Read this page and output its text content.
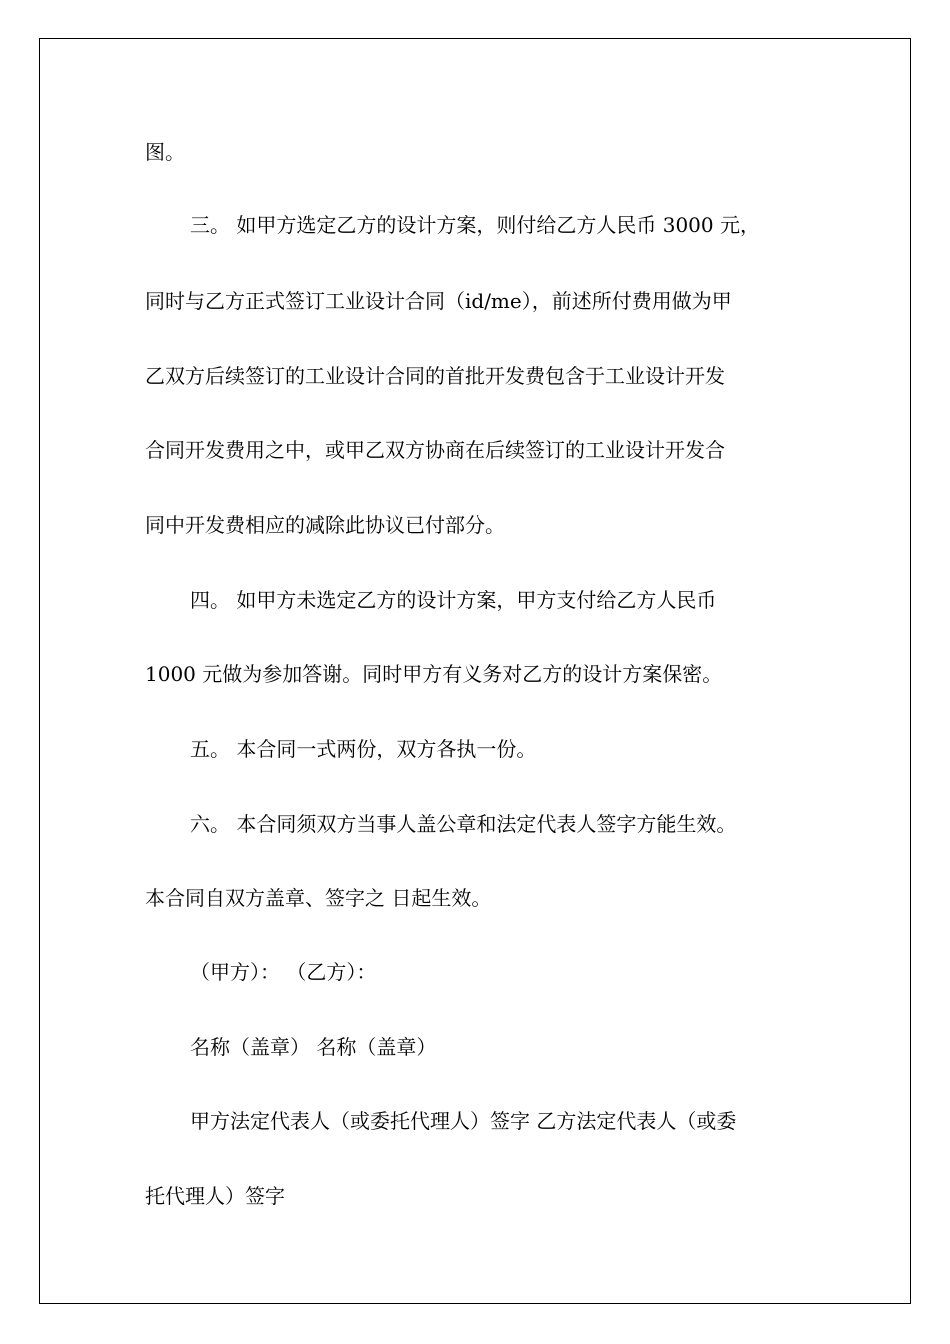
图。
三。 如甲方选定乙方的设计方案，则付给乙方人民币 3000 元，
同时与乙方正式签订工业设计合同（id/me），前述所付费用做为甲
乙双方后续签订的工业设计合同的首批开发费包含于工业设计开发
合同开发费用之中，或甲乙双方协商在后续签订的工业设计开发合
同中开发费相应的减除此协议已付部分。
四。 如甲方未选定乙方的设计方案，甲方支付给乙方人民币
1000 元做为参加答谢。同时甲方有义务对乙方的设计方案保密。
五。 本合同一式两份，双方各执一份。
六。 本合同须双方当事人盖公章和法定代表人签字方能生效。
本合同自双方盖章、签字之 日起生效。
（甲方）： （乙方）：
名称（盖章） 名称（盖章）
甲方法定代表人（或委托代理人）签字 乙方法定代表人（或委
托代理人）签字
